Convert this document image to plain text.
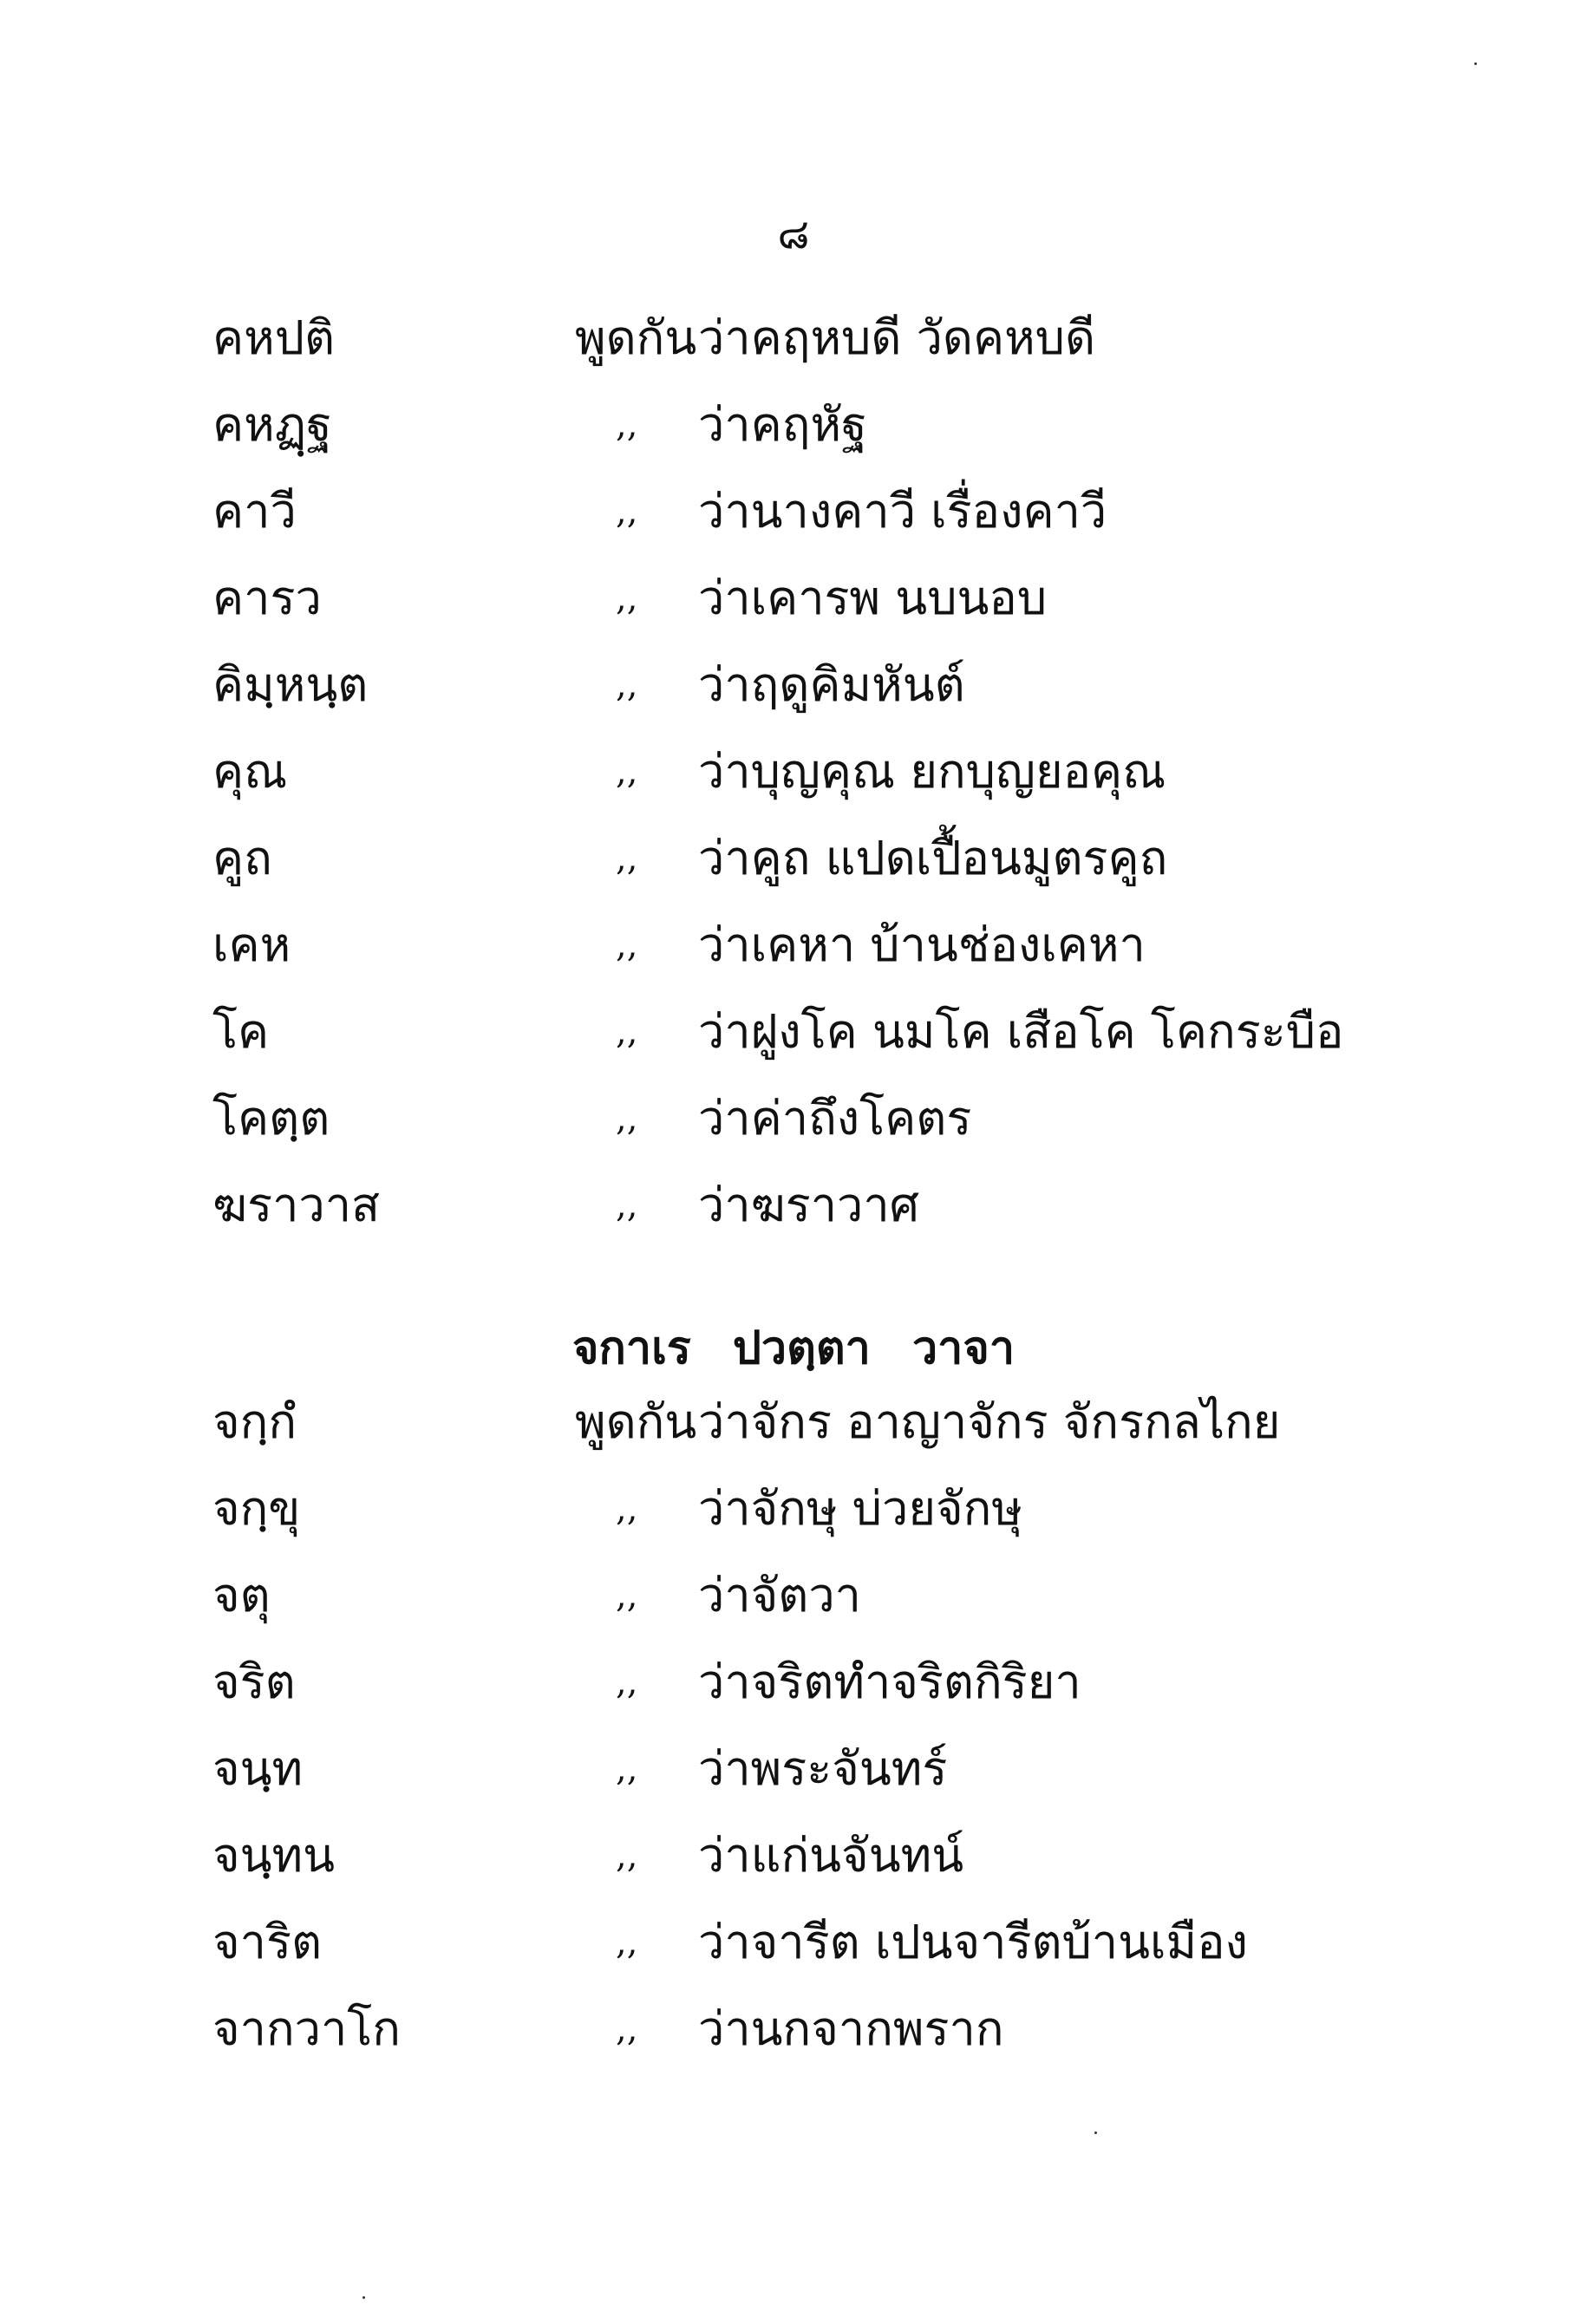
๘
คหปติ	พูดกัน ว่าคฤหบดี วัดคหบดี
คหฏฺฐ	,, ว่าคฤหัฐ
คาวี	,, ว่านางคาวี เรื่องคาวี
คารว	,, ว่าเคารพ นบนอบ
คิมฺหนฺต	,, ว่าฤดูคิมหันต์
คุณ	,, ว่าบุญคุณ ยกบุญยอคุณ
คูถ	,, ว่าคูถ แปดเปื้อนมูตรคูถ
เคห	,, ว่าเคหา บ้านช่องเคหา
โค	,, ว่าฝูงโค นมโค เสือโค โคกระบือ
โคตฺต	,, ว่าค่าถึงโคตร
ฆราวาส	,, ว่าฆราวาศ
จกาเร ปวตฺตา วาจา
จกฺกํ	พูดกัน ว่าจักร อาญาจักร จักรกลไกย
จกฺขุ	,, ว่าจักษุ บ่วยจักษุ
จตุ	,, ว่าจัตวา
จริต	,, ว่าจริตทำจริตกิริยา
จนฺท	,, ว่าพระจันทร์
จนฺทน	,, ว่าแก่นจันทน์
จาริต	,, ว่าจารีต เปนจารีตบ้านเมือง
จากวาโก	,, ว่านกจากพราก
